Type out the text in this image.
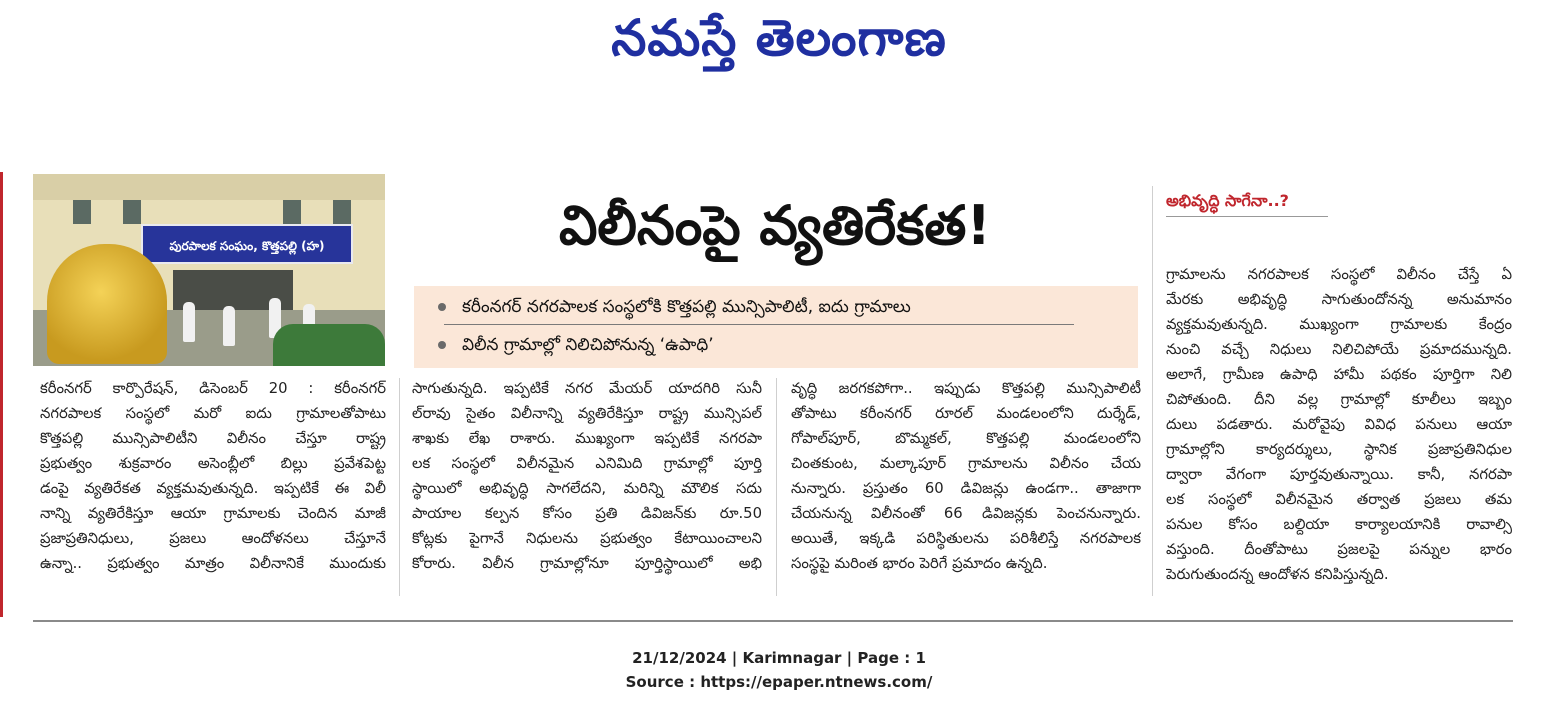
నమస్తే తెలంగాణ
పురపాలక సంఘం, కొత్తపల్లి (హ)	విలీనంపై వ్యతిరేకత!
కరీంనగర్ నగరపాలక సంస్థలోకి కొత్తపల్లి మున్సిపాలిటీ, ఐదు గ్రామాలు
విలీన గ్రామాల్లో నిలిచిపోనున్న ‘ఉపాధి’
కరీంనగర్ కార్పొరేషన్, డిసెంబర్ 20 : కరీంనగర్
నగరపాలక సంస్థలో మరో ఐదు గ్రామాలతోపాటు
కొత్తపల్లి మున్సిపాలిటీని విలీనం చేస్తూ రాష్ట్ర
ప్రభుత్వం శుక్రవారం అసెంబ్లీలో బిల్లు ప్రవేశపెట్ట
డంపై వ్యతిరేకత వ్యక్తమవుతున్నది. ఇప్పటికే ఈ విలీ
నాన్ని వ్యతిరేకిస్తూ ఆయా గ్రామాలకు చెందిన మాజీ
ప్రజాప్రతినిధులు, ప్రజలు ఆందోళనలు చేస్తూనే
ఉన్నా.. ప్రభుత్వం మాత్రం విలీనానికే ముందుకు
సాగుతున్నది. ఇప్పటికే నగర మేయర్ యాదగిరి సునీ
ల్‌రావు సైతం విలీనాన్ని వ్యతిరేకిస్తూ రాష్ట్ర మున్సిపల్
శాఖకు లేఖ రాశారు. ముఖ్యంగా ఇప్పటికే నగరపా
లక సంస్థలో విలీనమైన ఎనిమిది గ్రామాల్లో పూర్తి
స్థాయిలో అభివృద్ధి సాగలేదని, మరిన్ని మౌలిక సదు
పాయాల కల్పన కోసం ప్రతి డివిజన్‌కు రూ.50
కోట్లకు పైగానే నిధులను ప్రభుత్వం కేటాయించాలని
కోరారు. విలీన గ్రామాల్లోనూ పూర్తిస్థాయిలో అభి
వృద్ధి జరగకపోగా.. ఇప్పుడు కొత్తపల్లి మున్సిపాలిటీ
తోపాటు కరీంనగర్ రూరల్ మండలంలోని దుర్శేడ్,
గోపాల్‌పూర్, బొమ్మకల్, కొత్తపల్లి మండలంలోని
చింతకుంట, మల్కాపూర్ గ్రామాలను విలీనం చేయ
నున్నారు. ప్రస్తుతం 60 డివిజన్లు ఉండగా.. తాజాగా
చేయనున్న విలీనంతో 66 డివిజన్లకు పెంచనున్నారు.
అయితే, ఇక్కడి పరిస్థితులను పరిశీలిస్తే నగరపాలక
సంస్థపై మరింత భారం పెరిగే ప్రమాదం ఉన్నది.
అభివృద్ధి సాగేనా..?
గ్రామాలను నగరపాలక సంస్థలో విలీనం చేస్తే ఏ
మేరకు అభివృద్ధి సాగుతుందోనన్న అనుమానం
వ్యక్తమవుతున్నది. ముఖ్యంగా గ్రామాలకు కేంద్రం
నుంచి వచ్చే నిధులు నిలిచిపోయే ప్రమాదమున్నది.
అలాగే, గ్రామీణ ఉపాధి హామీ పథకం పూర్తిగా నిలి
చిపోతుంది. దీని వల్ల గ్రామాల్లో కూలీలు ఇబ్బం
దులు పడతారు. మరోవైపు వివిధ పనులు ఆయా
గ్రామాల్లోని కార్యదర్శులు, స్థానిక ప్రజాప్రతినిధుల
ద్వారా వేగంగా పూర్తవుతున్నాయి. కానీ, నగరపా
లక సంస్థలో విలీనమైన తర్వాత ప్రజలు తమ
పనుల కోసం బల్దియా కార్యాలయానికి రావాల్సి
వస్తుంది. దీంతోపాటు ప్రజలపై పన్నుల భారం
పెరుగుతుందన్న ఆందోళన కనిపిస్తున్నది.
21/12/2024 | Karimnagar | Page : 1
Source : https://epaper.ntnews.com/
